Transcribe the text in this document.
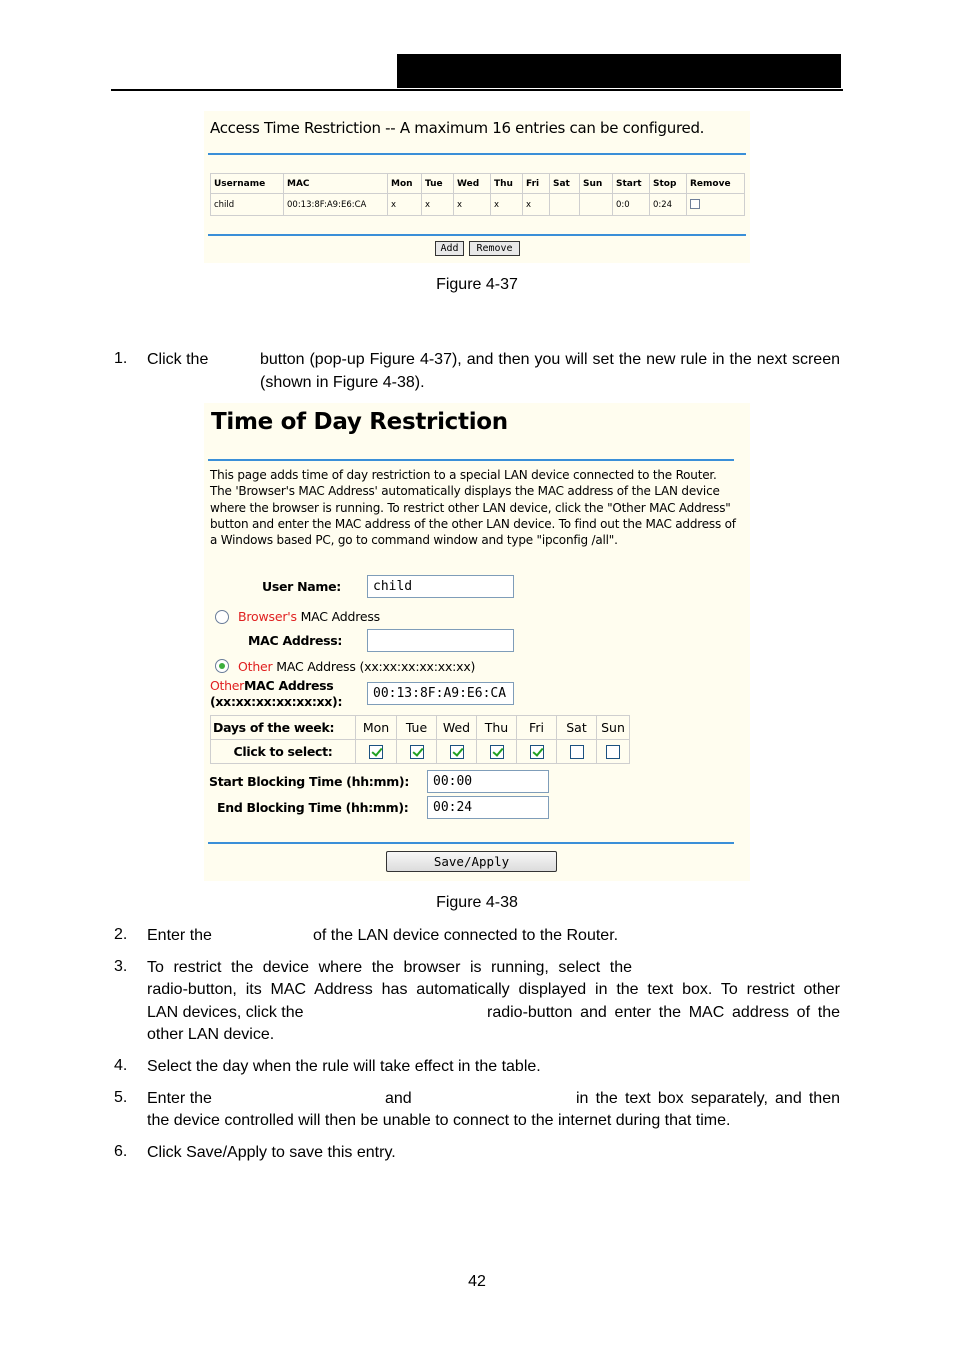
Access Time Restriction -- A maximum 16 entries can be configured.
Username	MAC	Mon	Tue	Wed	Thu	Fri	Sat	Sun	Start	Stop	Remove
child	00:13:8F:A9:E6:CA	x	x	x	x	x			0:0	0:24	
Add	Remove
Figure 4-37
1. Click the	button (pop-up Figure 4-37), and then you will set the new rule in the next screen (shown in Figure 4-38).
Time of Day Restriction
This page adds time of day restriction to a special LAN device connected to the Router. The 'Browser's MAC Address' automatically displays the MAC address of the LAN device where the browser is running. To restrict other LAN device, click the "Other MAC Address" button and enter the MAC address of the other LAN device. To find out the MAC address of a Windows based PC, go to command window and type "ipconfig /all".
User Name:	child
Browser's MAC Address
MAC Address:
Other MAC Address (xx:xx:xx:xx:xx:xx)
OtherMAC Address
(xx:xx:xx:xx:xx:xx):
00:13:8F:A9:E6:CA
Days of the week:	Mon	Tue	Wed	Thu	Fri	Sat	Sun
Click to select:							
Start Blocking Time (hh:mm):	00:00
End Blocking Time (hh:mm):	00:24
Save/Apply
Figure 4-38
2. Enter the	of the LAN device connected to the Router.
3. To restrict the device where the browser is running, select the
radio-button, its MAC Address has automatically displayed in the text box. To restrict other
LAN devices, click the	radio-button and enter the MAC address of the
other LAN device.
4. Select the day when the rule will take effect in the table.
5. Enter the	and	in the text box separately, and then
the device controlled will then be unable to connect to the internet during that time.
6. Click Save/Apply to save this entry.
42
